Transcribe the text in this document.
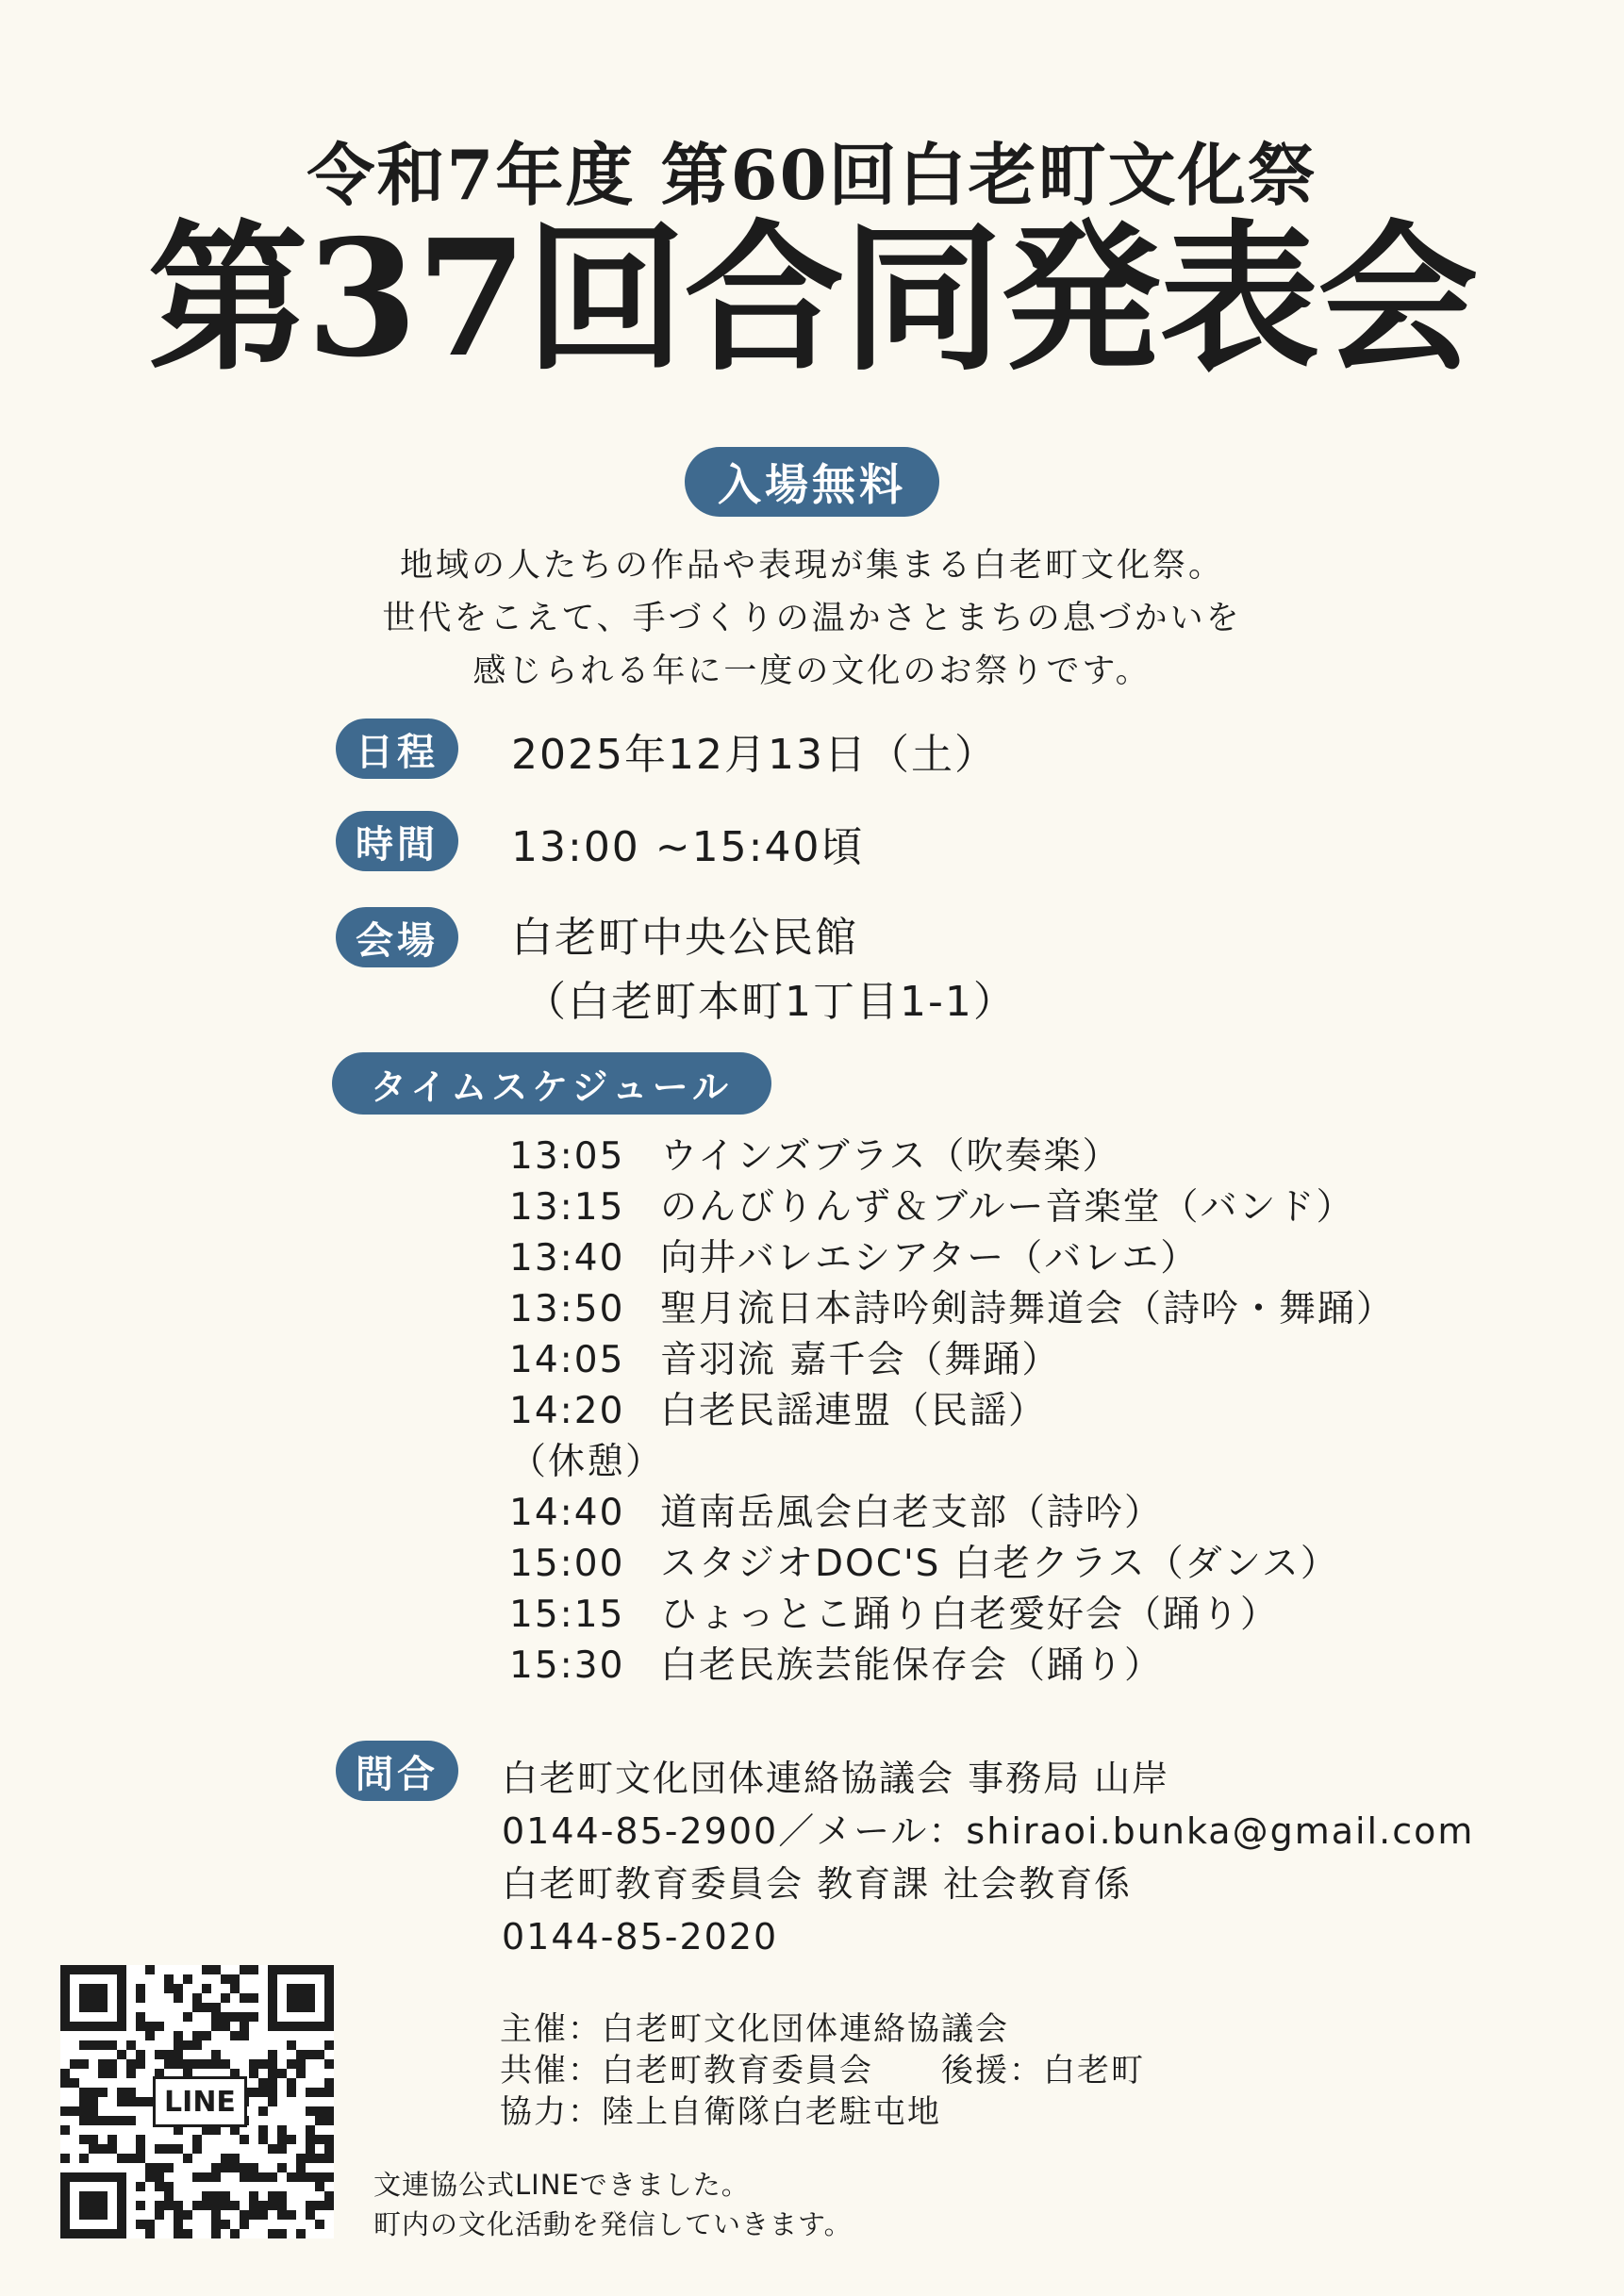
令和7年度 第60回白老町文化祭
第37回合同発表会
入場無料
地域の人たちの作品や表現が集まる白老町文化祭。
世代をこえて、手づくりの温かさとまちの息づかいを
感じられる年に一度の文化のお祭りです。
日程	2025年12月13日（土）
時間	13:00 ~15:40頃
会場	白老町中央公民館
（白老町本町1丁目1-1）
タイムスケジュール
13:05 ウインズブラス（吹奏楽）
13:15 のんびりんず＆ブルー音楽堂（バンド）
13:40 向井バレエシアター（バレエ）
13:50 聖月流日本詩吟剣詩舞道会（詩吟・舞踊）
14:05 音羽流 嘉千会（舞踊）
14:20 白老民謡連盟（民謡）
（休憩）
14:40 道南岳風会白老支部（詩吟）
15:00 スタジオDOC'S 白老クラス（ダンス）
15:15 ひょっとこ踊り白老愛好会（踊り）
15:30 白老民族芸能保存会（踊り）
問合	白老町文化団体連絡協議会 事務局 山岸
0144-85-2900／メール：shiraoi.bunka@gmail.com
白老町教育委員会 教育課 社会教育係
0144-85-2020
主催：白老町文化団体連絡協議会
共催：白老町教育委員会　　後援：白老町
協力：陸上自衛隊白老駐屯地
LINE
文連協公式LINEできました。
町内の文化活動を発信していきます。
